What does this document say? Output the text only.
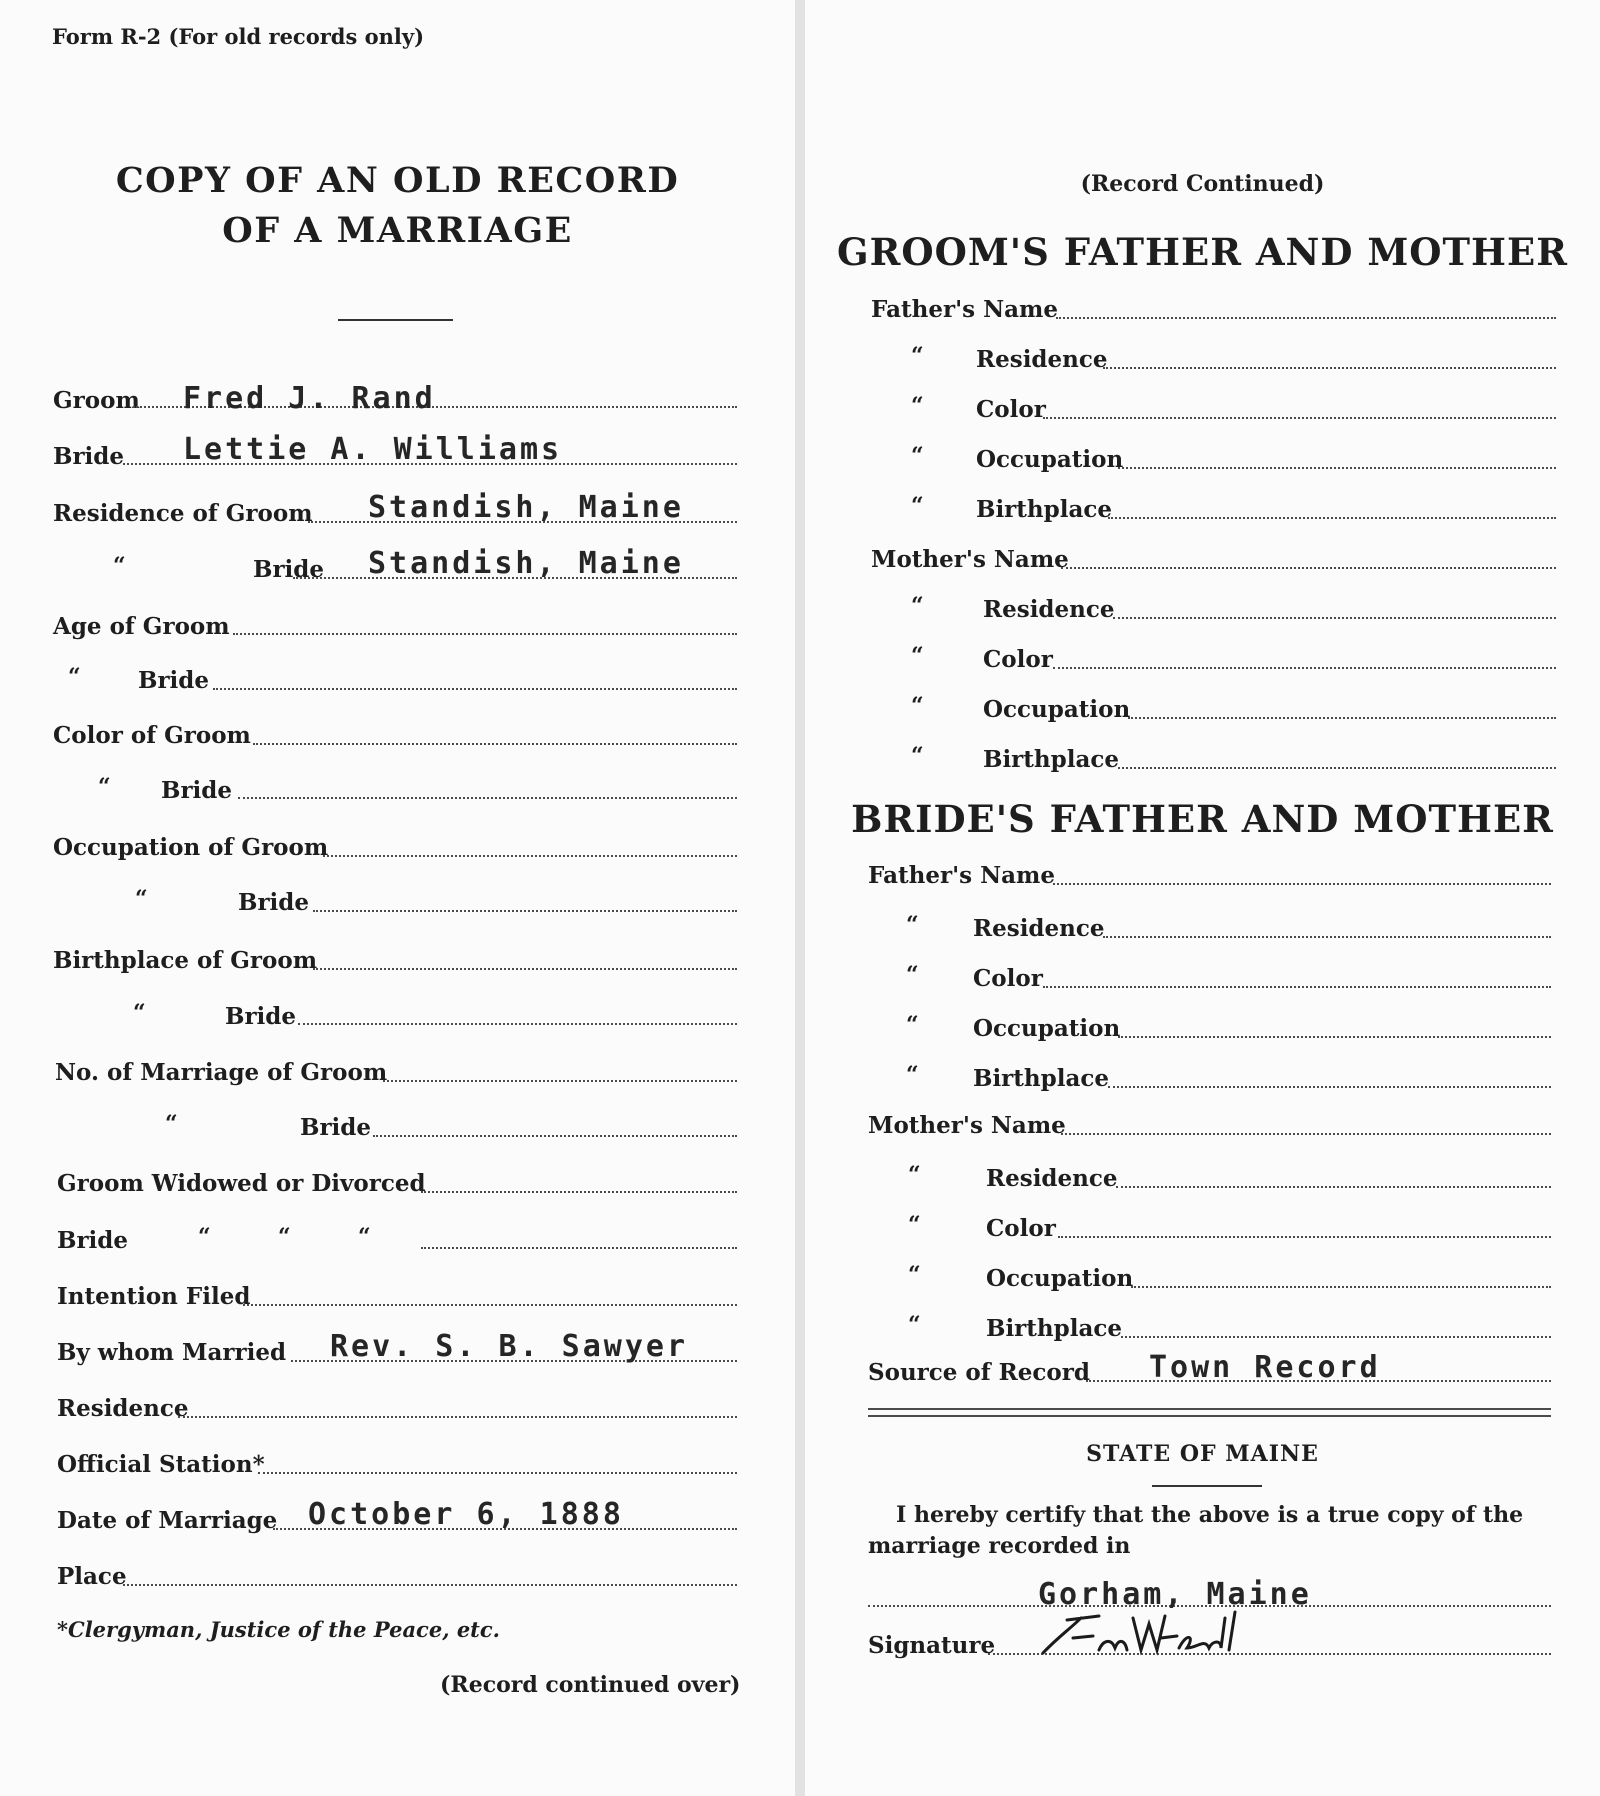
Form R-2 (For old records only)
COPY OF AN OLD RECORD
OF A MARRIAGE
Groom Fred J. Rand
Bride Lettie A. Williams
Residence of Groom Standish, Maine
“	Bride Standish, Maine
Age of Groom
“ Bride
Color of Groom
“ Bride
Occupation of Groom
“	Bride
Birthplace of Groom
“	Bride
No. of Marriage of Groom
“	Bride
Groom Widowed or Divorced
Bride	“	“	“
Intention Filed
By whom Married Rev. S. B. Sawyer
Residence
Official Station*
Date of Marriage October 6, 1888
Place
*Clergyman, Justice of the Peace, etc.
(Record continued over)
(Record Continued)
GROOM'S FATHER AND MOTHER
Father's Name
“ Residence
“ Color
“ Occupation
“ Birthplace
Mother's Name
“	Residence
“	Color
“	Occupation
“	Birthplace
BRIDE'S FATHER AND MOTHER
Father's Name
“ Residence
“ Color
“ Occupation
“ Birthplace
Mother's Name
“	Residence
“	Color
“	Occupation
“	Birthplace
Source of Record Town Record
STATE OF MAINE
I hereby certify that the above is a true copy of the
marriage recorded in
Gorham, Maine
Signature
